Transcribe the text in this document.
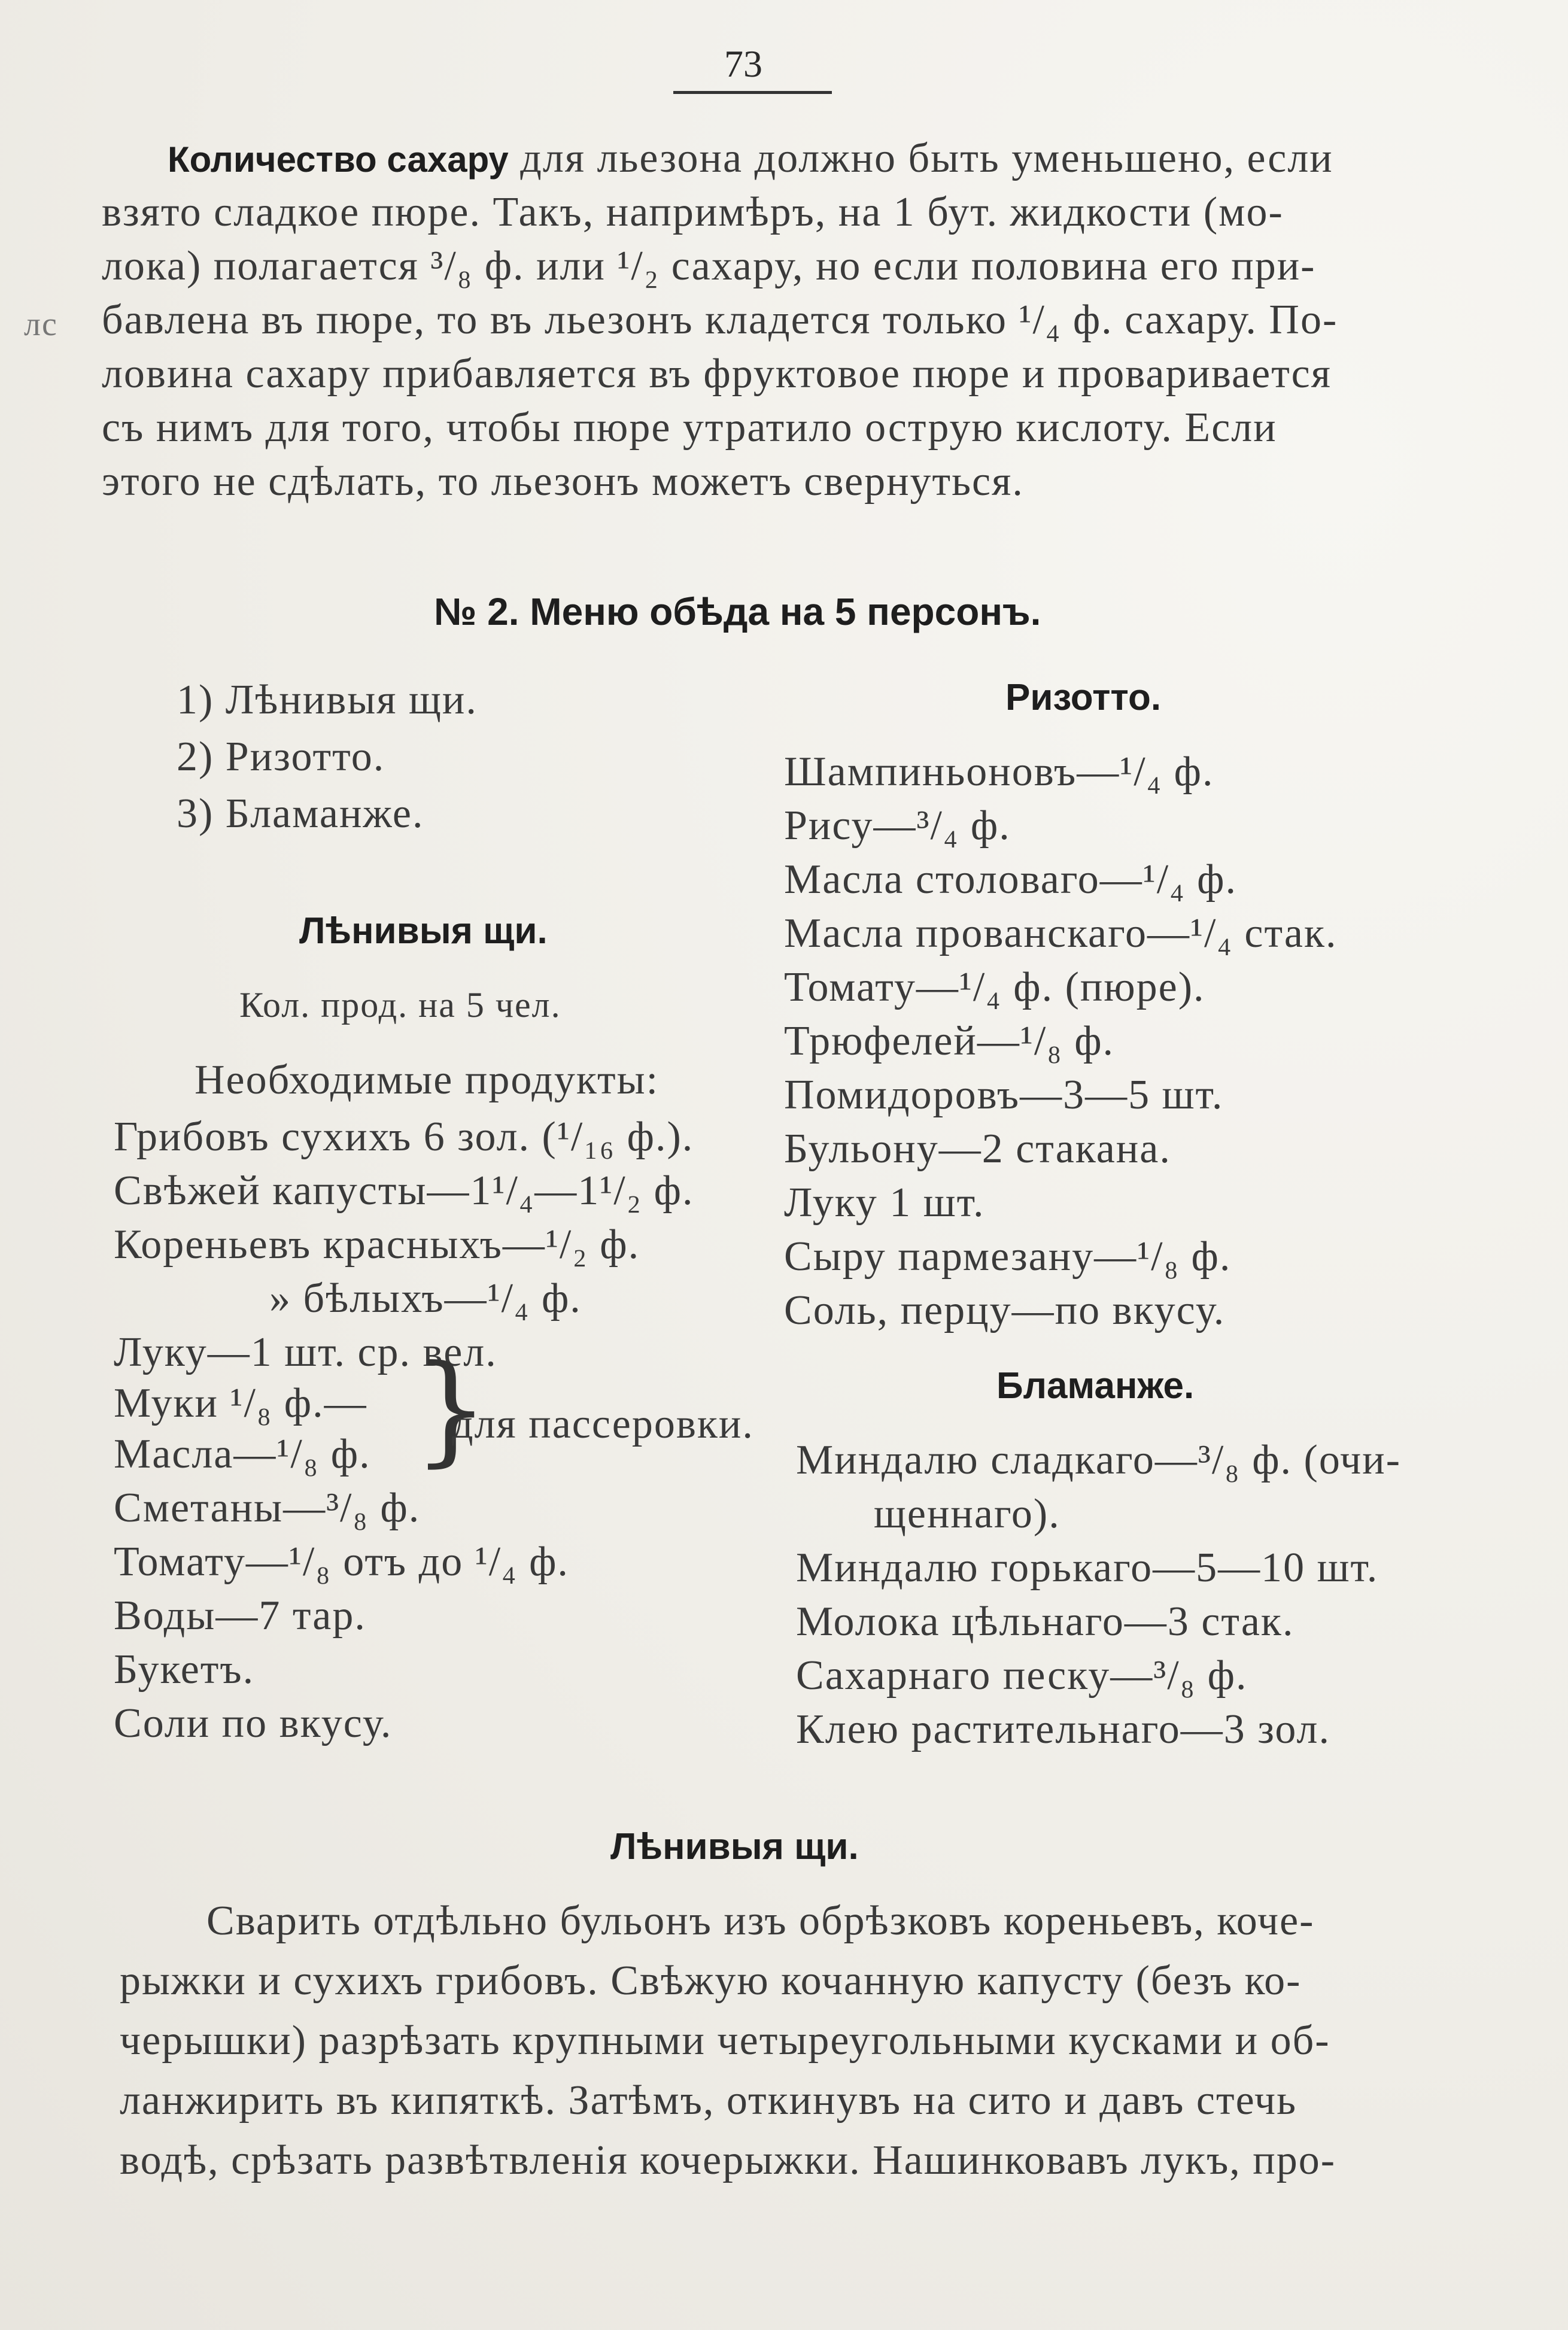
73
лс
Количество сахару для льезона должно быть уменьшено, если
взято сладкое пюре. Такъ, напримѣръ, на 1 бут. жидкости (мо-
лока) полагается ³/₈ ф. или ¹/₂ сахару, но если половина его при-
бавлена въ пюре, то въ льезонъ кладется только ¹/₄ ф. сахару. По-
ловина сахару прибавляется въ фруктовое пюре и проваривается
съ нимъ для того, чтобы пюре утратило острую кислоту. Если
этого не сдѣлать, то льезонъ можетъ свернуться.
№ 2. Меню обѣда на 5 персонъ.
1) Лѣнивыя щи.
2) Ризотто.
3) Бламанже.
Лѣнивыя щи.
Кол. прод. на 5 чел.
Необходимые продукты:
Грибовъ сухихъ 6 зол. (¹/₁₆ ф.).
Свѣжей капусты—1¹/₄—1¹/₂ ф.
Кореньевъ красныхъ—¹/₂ ф.
» бѣлыхъ—¹/₄ ф.
Луку—1 шт. ср. вел.
Муки ¹/₈ ф.—
Масла—¹/₈ ф. }
для пассеровки.
Сметаны—³/₈ ф.
Томату—¹/₈ отъ до ¹/₄ ф.
Воды—7 тар.
Букетъ.
Соли по вкусу.
Ризотто.
Шампиньоновъ—¹/₄ ф.
Рису—³/₄ ф.
Масла столоваго—¹/₄ ф.
Масла прованскаго—¹/₄ стак.
Томату—¹/₄ ф. (пюре).
Трюфелей—¹/₈ ф.
Помидоровъ—3—5 шт.
Бульону—2 стакана.
Луку 1 шт.
Сыру пармезану—¹/₈ ф.
Соль, перцу—по вкусу.
Бламанже.
Миндалю сладкаго—³/₈ ф. (очи-
щеннаго).
Миндалю горькаго—5—10 шт.
Молока цѣльнаго—3 стак.
Сахарнаго песку—³/₈ ф.
Клею растительнаго—3 зол.
Лѣнивыя щи.
Сварить отдѣльно бульонъ изъ обрѣзковъ кореньевъ, коче-
рыжки и сухихъ грибовъ. Свѣжую кочанную капусту (безъ ко-
черышки) разрѣзать крупными четыреугольными кусками и об-
ланжирить въ кипяткѣ. Затѣмъ, откинувъ на сито и давъ стечь
водѣ, срѣзать развѣтвленія кочерыжки. Нашинковавъ лукъ, про-
